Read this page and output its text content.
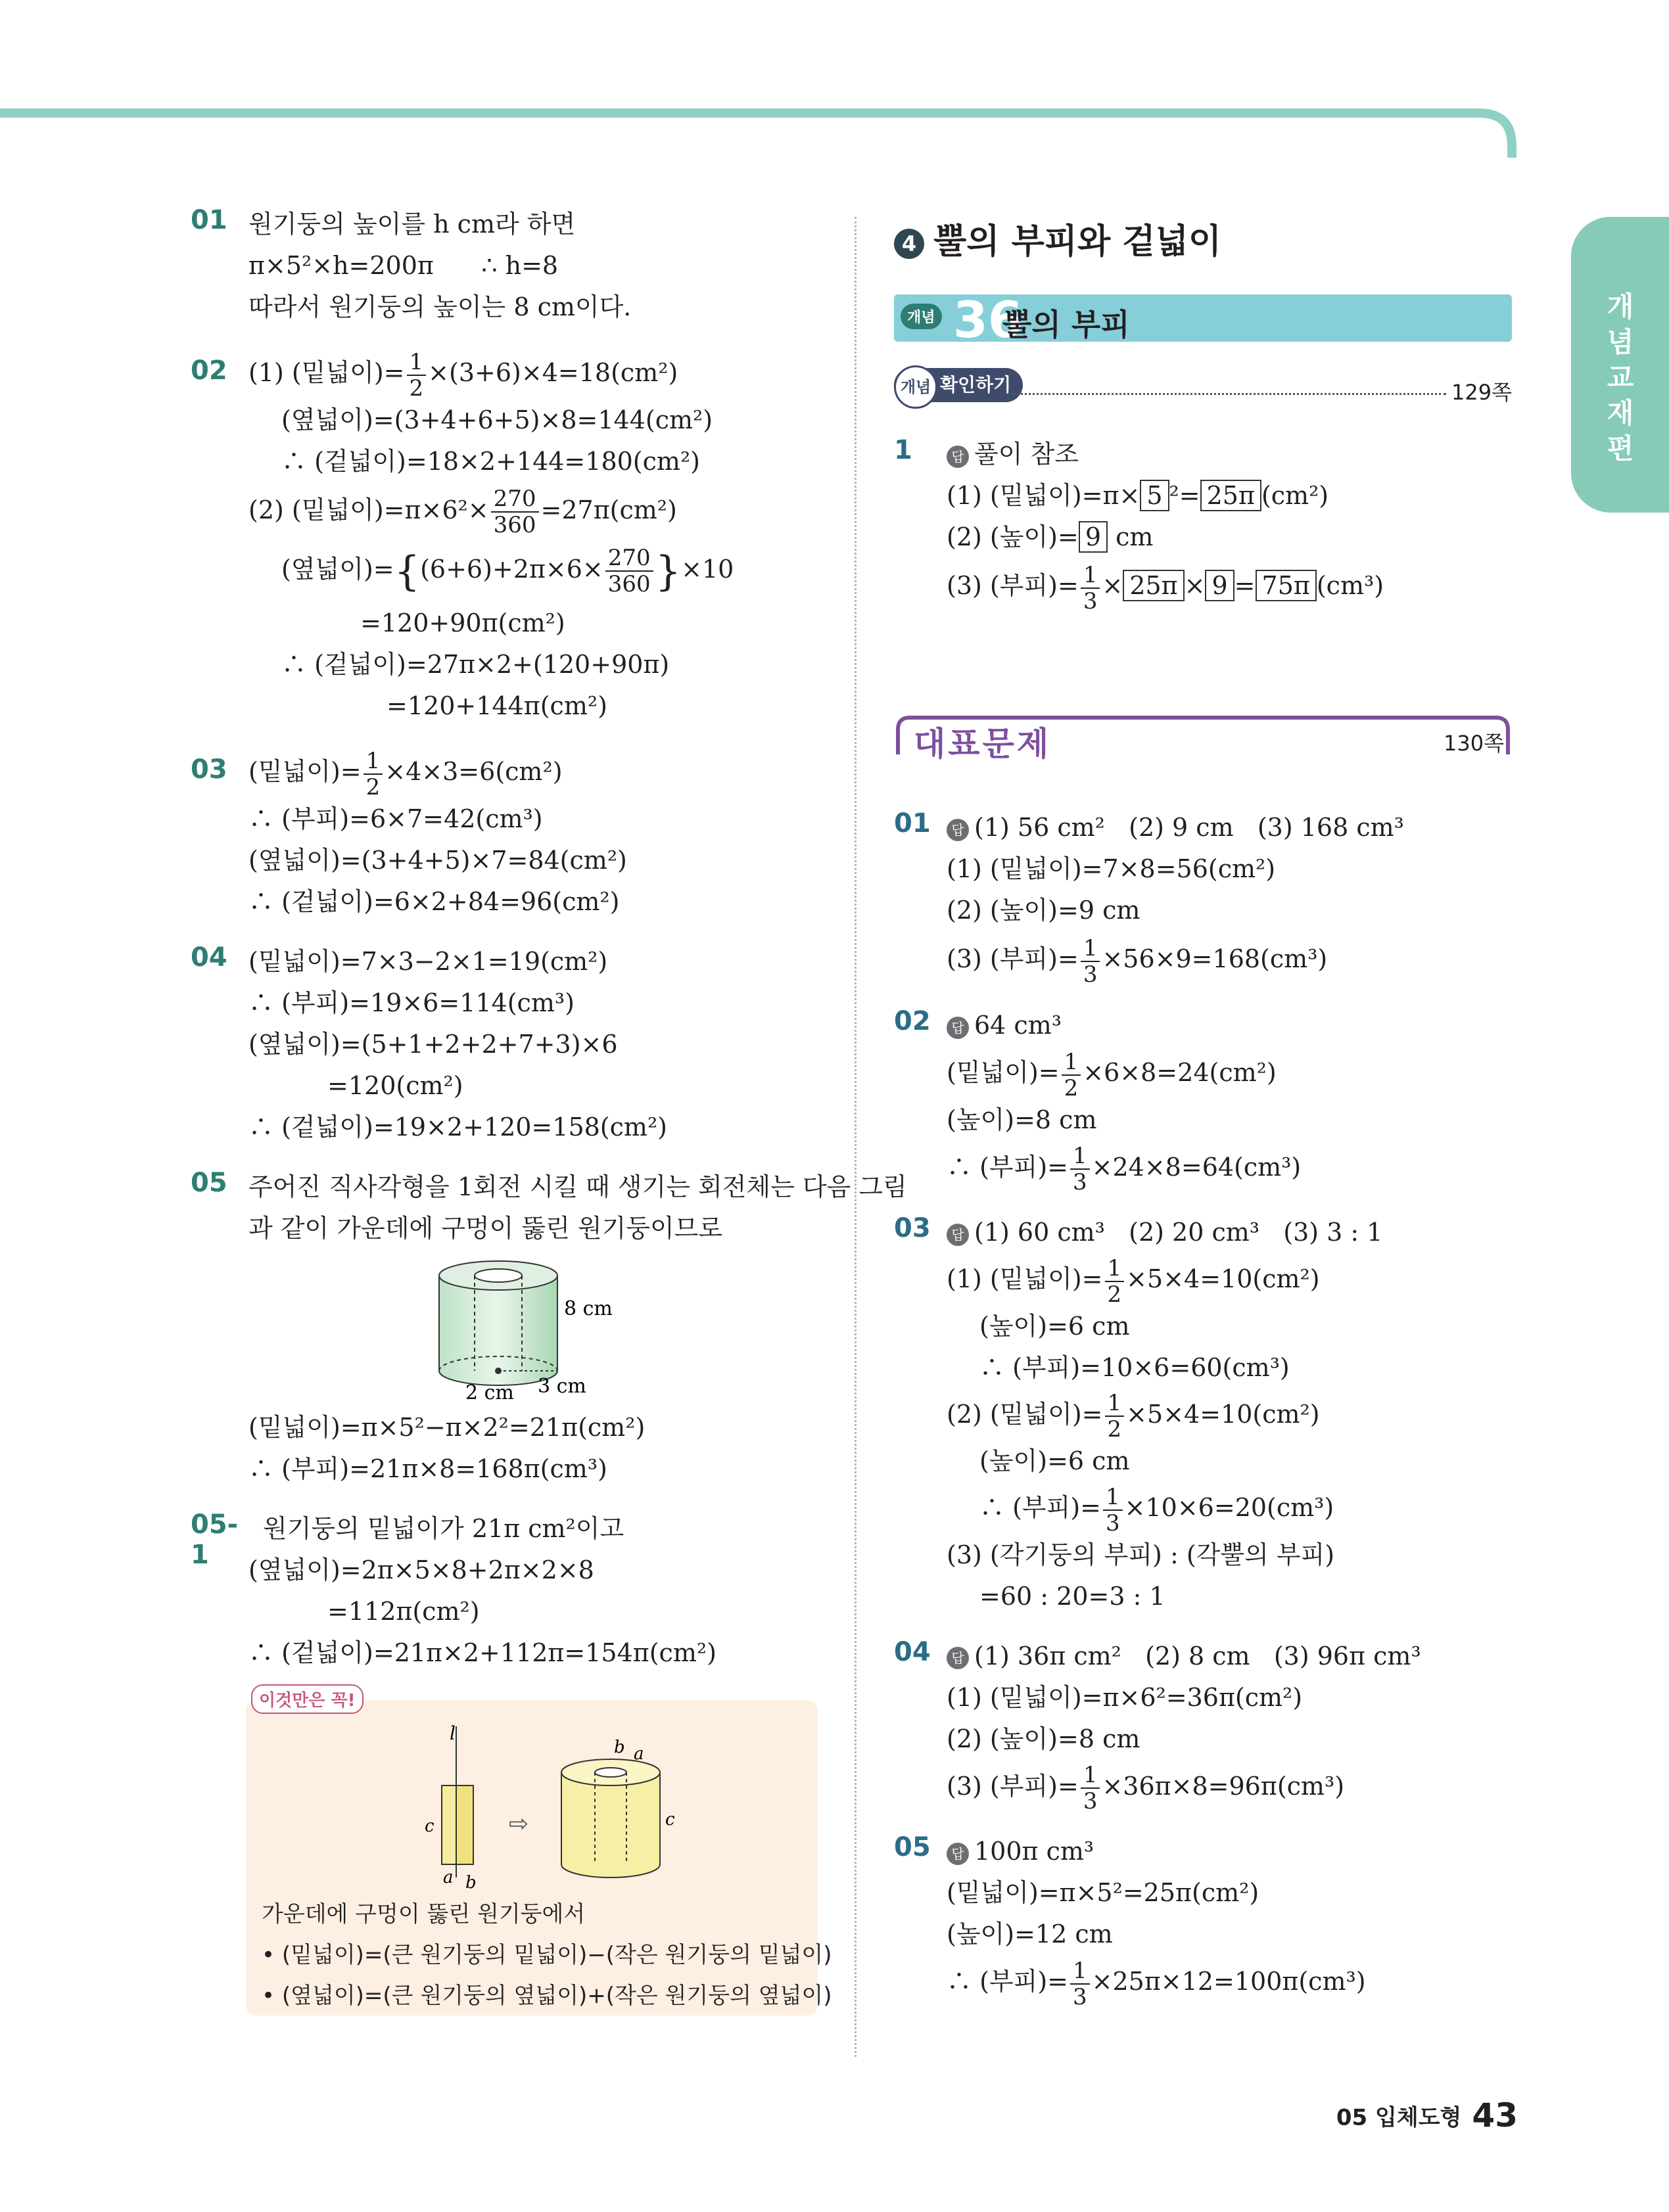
개념교재편
01 원기둥의 높이를 h cm라 하면
π×5²×h=200π      ∴ h=8
따라서 원기둥의 높이는 8 cm이다.
02 (1) (밑넓이)= $\frac{1}{2} \times(3+6)\times 4=18(cm^2)$
(옆넓이)=(3+4+6+5)×8=144(cm²)
∴ (겉넓이)=18×2+144=180(cm²)
(2) (밑넓이)$=\pi\times 6^2\times \frac{270}{360} =27\pi(cm^2)$
(옆넓이)$=\{(6+6)+2\pi\times 6\times \frac{270}{360} \}\times 10$
=120+90π(cm²)
∴ (겉넓이)=27π×2+(120+90π)
=120+144π(cm²)
03 (밑넓이)= $\frac{1}{2} \times 4\times 3=6(cm^2)$
∴ (부피)=6×7=42(cm³)
(옆넓이)=(3+4+5)×7=84(cm²)
∴ (겉넓이)=6×2+84=96(cm²)
04 (밑넓이)=7×3−2×1=19(cm²)
∴ (부피)=19×6=114(cm³)
(옆넓이)=(5+1+2+2+7+3)×6
=120(cm²)
∴ (겉넓이)=19×2+120=158(cm²)
05 주어진 직사각형을 1회전 시킬 때 생기는 회전체는 다음 그림
과 같이 가운데에 구멍이 뚫린 원기둥이므로
8 cm
2 cm 3 cm
(밑넓이)=π×5²−π×2²=21π(cm²)
∴ (부피)=21π×8=168π(cm³)
05-1
원기둥의 밑넓이가 21π cm²이고
(옆넓이)=2π×5×8+2π×2×8
=112π(cm²)
∴ (겉넓이)=21π×2+112π=154π(cm²)
이것만은 꼭!
l
c
a b
⇨
b a
c
가운데에 구멍이 뚫린 원기둥에서
• (밑넓이)=(큰 원기둥의 밑넓이)−(작은 원기둥의 밑넓이)
• (옆넓이)=(큰 원기둥의 옆넓이)+(작은 원기둥의 옆넓이)
4 뿔의 부피와 겉넓이
개념 36
뿔의 부피
확인하기
개념	129쪽
1	답 풀이 참조
(1) (밑넓이)=π× 5 ²= 25π (cm²)
(2) (높이)= 9 cm
(3) (부피)= $\frac{1}{3} \times 25\pi \times 9 = 75\pi$ (cm³)
대표문제	130쪽
01	답 (1) 56 cm²   (2) 9 cm   (3) 168 cm³
(1) (밑넓이)=7×8=56(cm²)
(2) (높이)=9 cm
(3) (부피)= $\frac{1}{3} \times 56\times 9=168(cm^3)$
02	답 64 cm³
(밑넓이)= $\frac{1}{2} \times 6\times 8=24(cm^2)$
(높이)=8 cm
∴ (부피)= $\frac{1}{3} \times 24\times 8=64(cm^3)$
03	답 (1) 60 cm³   (2) 20 cm³   (3) 3 : 1
(1) (밑넓이)= $\frac{1}{2} \times 5\times 4=10(cm^2)$
(높이)=6 cm
∴ (부피)=10×6=60(cm³)
(2) (밑넓이)= $\frac{1}{2} \times 5\times 4=10(cm^2)$
(높이)=6 cm
∴ (부피)= $\frac{1}{3} \times 10\times 6=20(cm^3)$
(3) (각기둥의 부피) : (각뿔의 부피)
=60 : 20=3 : 1
04	답 (1) 36π cm²   (2) 8 cm   (3) 96π cm³
(1) (밑넓이)=π×6²=36π(cm²)
(2) (높이)=8 cm
(3) (부피)= $\frac{1}{3} \times 36\pi\times 8=96\pi(cm^3)$
05	답 100π cm³
(밑넓이)=π×5²=25π(cm²)
(높이)=12 cm
∴ (부피)= $\frac{1}{3} \times 25\pi\times 12=100\pi(cm^3)$
05 입체도형 43
